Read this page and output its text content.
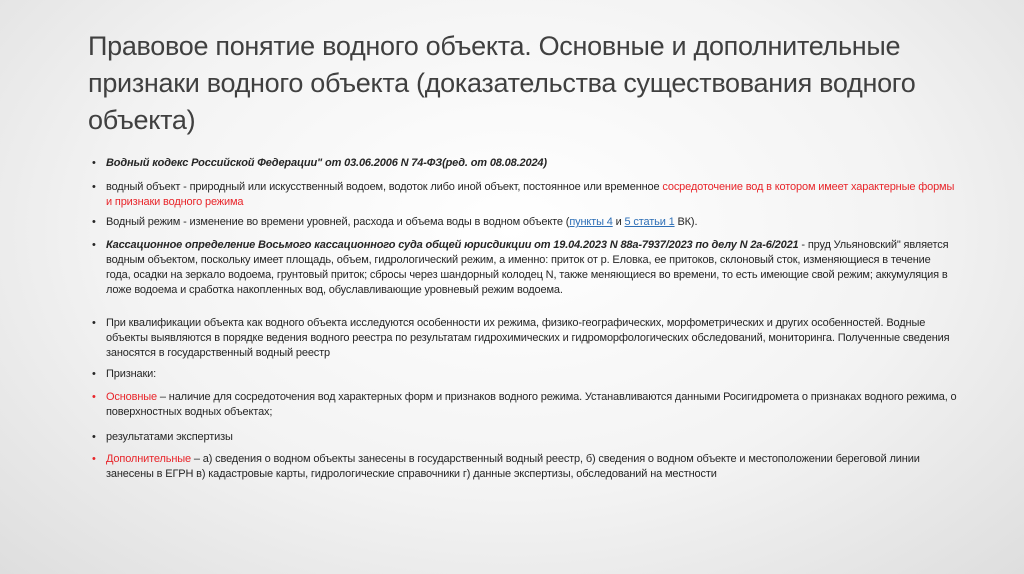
Правовое понятие водного объекта. Основные и дополнительные признаки водного объекта (доказательства существования водного объекта)
• Водный кодекс Российской Федерации" от 03.06.2006 N 74-ФЗ(ред. от 08.08.2024)
• водный объект - природный или искусственный водоем, водоток либо иной объект, постоянное или временное сосредоточение вод в котором имеет характерные формы и признаки водного режима
• Водный режим - изменение во времени уровней, расхода и объема воды в водном объекте (пункты 4 и 5 статьи 1 ВК).
• Кассационное определение Восьмого кассационного суда общей юрисдикции от 19.04.2023 N 88а-7937/2023 по делу N 2а-6/2021 - пруд Ульяновский" является водным объектом, поскольку имеет площадь, объем, гидрологический режим, а именно: приток от р. Еловка, ее притоков, склоновый сток, изменяющиеся в течение года, осадки на зеркало водоема, грунтовый приток; сбросы через шандорный колодец N, также меняющиеся во времени, то есть имеющие свой режим; аккумуляция в ложе водоема и сработка накопленных вод, обуславливающие уровневый режим водоема.
• При квалификации объекта как водного объекта исследуются особенности их режима, физико-географических, морфометрических и других особенностей. Водные объекты выявляются в порядке ведения водного реестра по результатам гидрохимических и гидроморфологических обследований, мониторинга. Полученные сведения заносятся в государственный водный реестр
• Признаки:
• Основные – наличие для сосредоточения вод характерных форм и признаков водного режима. Устанавливаются данными Росигидромета о признаках водного режима, о поверхностных водных объектах;
• результатами экспертизы
• Дополнительные – а) сведения о водном объекты занесены в государственный водный реестр, б) сведения о водном объекте и местоположении береговой линии занесены в ЕГРН в) кадастровые карты, гидрологические справочники г) данные экспертизы, обследований на местности
